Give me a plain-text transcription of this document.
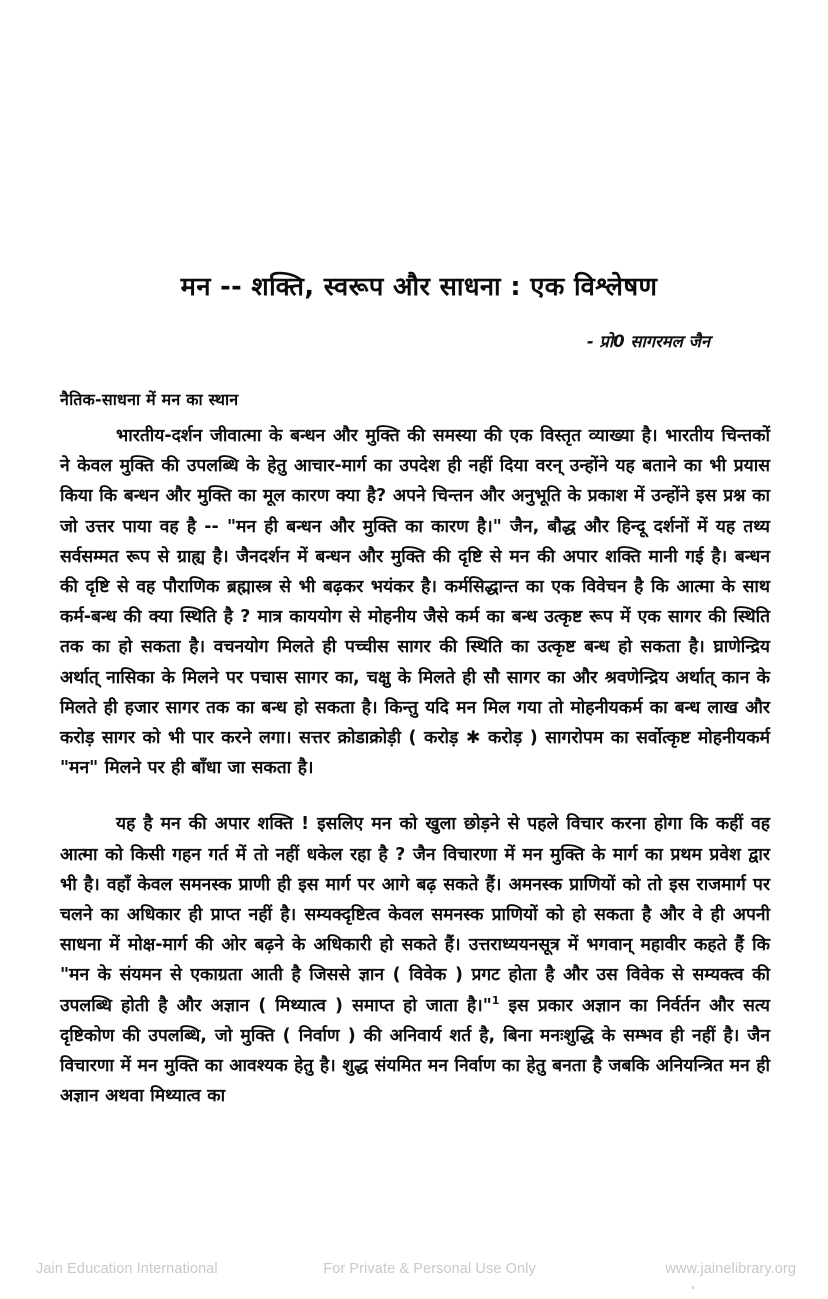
मन -- शक्ति, स्वरूप और साधना : एक विश्लेषण

- प्रो0 सागरमल जैन

नैतिक-साधना में मन का स्थान

भारतीय-दर्शन जीवात्मा के बन्धन और मुक्ति की समस्या की एक विस्तृत व्याख्या है। भारतीय चिन्तकों ने केवल मुक्ति की उपलब्धि के हेतु आचार-मार्ग का उपदेश ही नहीं दिया वरन् उन्होंने यह बताने का भी प्रयास किया कि बन्धन और मुक्ति का मूल कारण क्या है? अपने चिन्तन और अनुभूति के प्रकाश में उन्होंने इस प्रश्न का जो उत्तर पाया वह है -- "मन ही बन्धन और मुक्ति का कारण है।" जैन, बौद्ध और हिन्दू दर्शनों में यह तथ्य सर्वसम्मत रूप से ग्राह्य है। जैनदर्शन में बन्धन और मुक्ति की दृष्टि से मन की अपार शक्ति मानी गई है। बन्धन की दृष्टि से वह पौराणिक ब्रह्मास्त्र से भी बढ़कर भयंकर है। कर्मसिद्धान्त का एक विवेचन है कि आत्मा के साथ कर्म-बन्ध की क्या स्थिति है ? मात्र काययोग से मोहनीय जैसे कर्म का बन्ध उत्कृष्ट रूप में एक सागर की स्थिति तक का हो सकता है। वचनयोग मिलते ही पच्चीस सागर की स्थिति का उत्कृष्ट बन्ध हो सकता है। घ्राणेन्द्रिय अर्थात् नासिका के मिलने पर पचास सागर का, चक्षु के मिलते ही सौ सागर का और श्रवणेन्द्रिय अर्थात् कान के मिलते ही हजार सागर तक का बन्ध हो सकता है। किन्तु यदि मन मिल गया तो मोहनीयकर्म का बन्ध लाख और करोड़ सागर को भी पार करने लगा। सत्तर क्रोडाक्रोड़ी ( करोड़ ✱ करोड़ ) सागरोपम का सर्वोत्कृष्ट मोहनीयकर्म "मन" मिलने पर ही बाँधा जा सकता है।

यह है मन की अपार शक्ति ! इसलिए मन को खुला छोड़ने से पहले विचार करना होगा कि कहीं वह आत्मा को किसी गहन गर्त में तो नहीं धकेल रहा है ? जैन विचारणा में मन मुक्ति के मार्ग का प्रथम प्रवेश द्वार भी है। वहाँ केवल समनस्क प्राणी ही इस मार्ग पर आगे बढ़ सकते हैं। अमनस्क प्राणियों को तो इस राजमार्ग पर चलने का अधिकार ही प्राप्त नहीं है। सम्यक्दृष्टित्व केवल समनस्क प्राणियों को हो सकता है और वे ही अपनी साधना में मोक्ष-मार्ग की ओर बढ़ने के अधिकारी हो सकते हैं। उत्तराध्ययनसूत्र में भगवान् महावीर कहते हैं कि "मन के संयमन से एकाग्रता आती है जिससे ज्ञान ( विवेक ) प्रगट होता है और उस विवेक से सम्यक्त्व की उपलब्धि होती है और अज्ञान ( मिथ्यात्व ) समाप्त हो जाता है।"$^1$ इस प्रकार अज्ञान का निर्वर्तन और सत्य दृष्टिकोण की उपलब्धि, जो मुक्ति ( निर्वाण ) की अनिवार्य शर्त है, बिना मनःशुद्धि के सम्भव ही नहीं है। जैन विचारणा में मन मुक्ति का आवश्यक हेतु है। शुद्ध संयमित मन निर्वाण का हेतु बनता है जबकि अनियन्त्रित मन ही अज्ञान अथवा मिथ्यात्व का

Jain Education International	For Private & Personal Use Only	www.jainelibrary.org
